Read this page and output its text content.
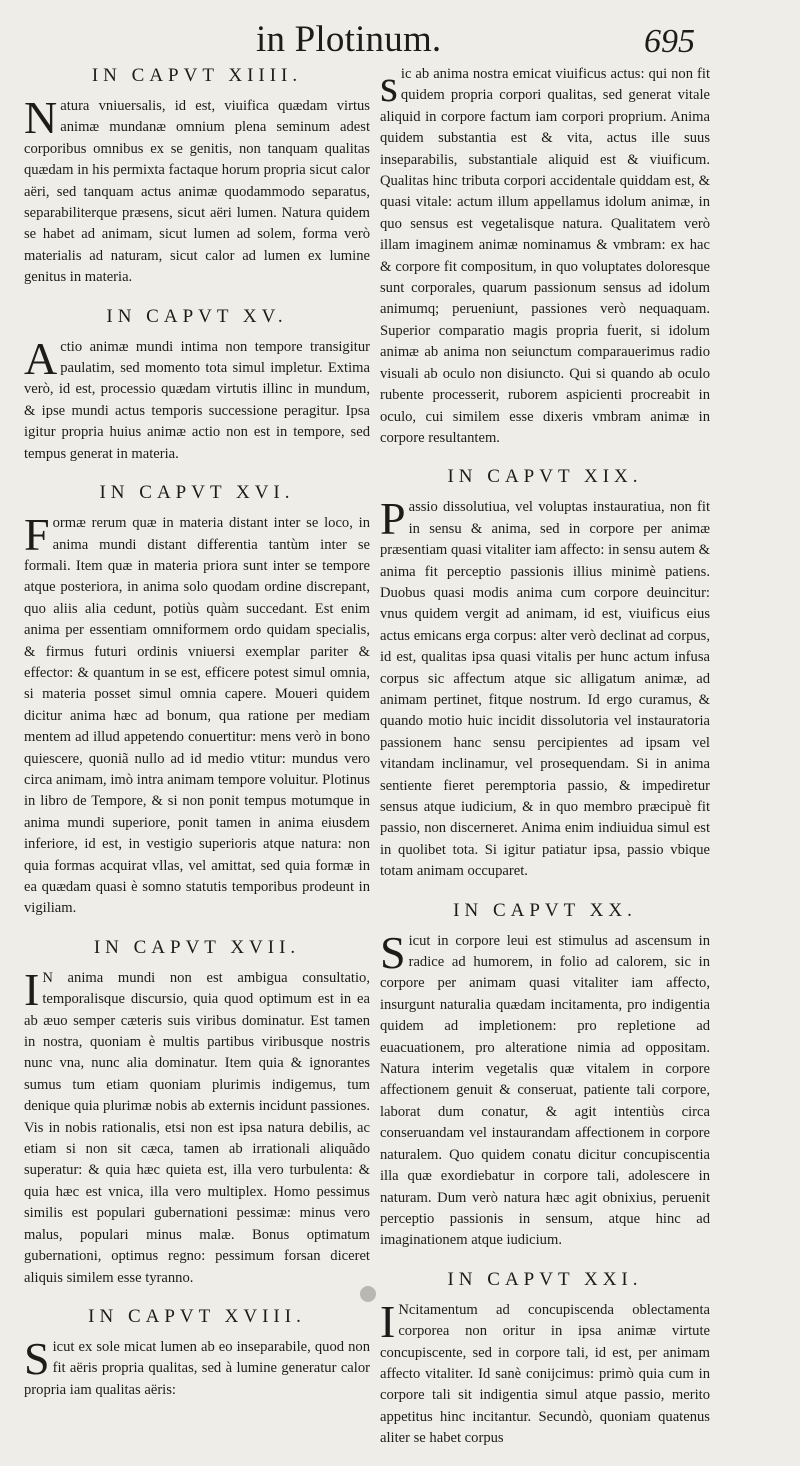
in Plotinum.	695
IN CAPVT XIIII.

Natura vniuersalis, id est, viuifica quædam virtus animæ mundanæ omnium plena seminum adest corporibus omnibus ex se genitis, non tanquam qualitas quædam in his permixta factaque horum propria sicut calor aëri, sed tanquam actus animæ quodammodo separatus, separabiliterque præsens, sicut aëri lumen. Natura quidem se habet ad animam, sicut lumen ad solem, forma verò materialis ad naturam, sicut calor ad lumen ex lumine genitus in materia.

IN CAPVT XV.

Actio animæ mundi intima non tempore transigitur paulatim, sed momento tota simul impletur. Extima verò, id est, processio quædam virtutis illinc in mundum, & ipse mundi actus temporis successione peragitur. Ipsa igitur propria huius animæ actio non est in tempore, sed tempus generat in materia.

IN CAPVT XVI.

Formæ rerum quæ in materia distant inter se loco, in anima mundi distant differentia tantùm inter se formali. Item quæ in materia priora sunt inter se tempore atque posteriora, in anima solo quodam ordine discrepant, quo aliis alia cedunt, potiùs quàm succedant. Est enim anima per essentiam omniformem ordo quidam specialis, & firmus futuri ordinis vniuersi exemplar pariter & effector: & quantum in se est, efficere potest simul omnia, si materia posset simul omnia capere. Moueri quidem dicitur anima hæc ad bonum, qua ratione per mediam mentem ad illud appetendo conuertitur: mens verò in bono quiescere, quoniã nullo ad id medio vtitur: mundus vero circa animam, imò intra animam tempore voluitur. Plotinus in libro de Tempore, & si non ponit tempus motumque in anima mundi superiore, ponit tamen in anima eiusdem inferiore, id est, in vestigio superioris atque natura: non quia formas acquirat vllas, vel amittat, sed quia formæ in ea quædam quasi è somno statutis temporibus prodeunt in vigiliam.

IN CAPVT XVII.

IN anima mundi non est ambigua consultatio, temporalisque discursio, quia quod optimum est in ea ab æuo semper cæteris suis viribus dominatur. Est tamen in nostra, quoniam è multis partibus viribusque nostris nunc vna, nunc alia dominatur. Item quia & ignorantes sumus tum etiam quoniam plurimis indigemus, tum denique quia plurimæ nobis ab externis incidunt passiones. Vis in nobis rationalis, etsi non est ipsa natura debilis, ac etiam si non sit cæca, tamen ab irrationali aliquãdo superatur: & quia hæc quieta est, illa vero turbulenta: & quia hæc est vnica, illa vero multiplex. Homo pessimus similis est populari gubernationi pessimæ: minus vero malus, populari minus malæ. Bonus optimatum gubernationi, optimus regno: pessimum forsan diceret aliquis similem esse tyranno.

IN CAPVT XVIII.

Sicut ex sole micat lumen ab eo inseparabile, quod non fit aëris propria qualitas, sed à lumine generatur calor propria iam qualitas aëris:

sic ab anima nostra emicat viuificus actus: qui non fit quidem propria corpori qualitas, sed generat vitale aliquid in corpore factum iam corpori proprium. Anima quidem substantia est & vita, actus ille suus inseparabilis, substantiale aliquid est & viuificum. Qualitas hinc tributa corpori accidentale quiddam est, & quasi vitale: actum illum appellamus idolum animæ, in quo sensus est vegetalisque natura. Qualitatem verò illam imaginem animæ nominamus & vmbram: ex hac & corpore fit compositum, in quo voluptates doloresque sunt corporales, quarum passionum sensus ad idolum animumq; perueniunt, passiones verò nequaquam. Superior comparatio magis propria fuerit, si idolum animæ ab anima non seiunctum comparauerimus radio visuali ab oculo non disiuncto. Qui si quando ab oculo rubente processerit, ruborem aspicienti procreabit in oculo, cui similem esse dixeris vmbram animæ in corpore resultantem.

IN CAPVT XIX.

Passio dissolutiua, vel voluptas instauratiua, non fit in sensu & anima, sed in corpore per animæ præsentiam quasi vitaliter iam affecto: in sensu autem & anima fit perceptio passionis illius minimè patiens. Duobus quasi modis anima cum corpore deuincitur: vnus quidem vergit ad animam, id est, viuificus eius actus emicans erga corpus: alter verò declinat ad corpus, id est, qualitas ipsa quasi vitalis per hunc actum infusa corpus sic affectum atque sic alligatum animæ, ad animam pertinet, fitque nostrum. Id ergo curamus, & quando motio huic incidit dissolutoria vel instauratoria passionem hanc sensu percipientes ad ipsam vel vitandam inclinamur, vel prosequendam. Si in anima sentiente fieret peremptoria passio, & impediretur sensus atque iudicium, & in quo membro præcipuè fit passio, non discerneret. Anima enim indiuidua simul est in quolibet tota. Si igitur patiatur ipsa, passio vbique totam animam occuparet.

IN CAPVT XX.

Sicut in corpore leui est stimulus ad ascensum in radice ad humorem, in folio ad calorem, sic in corpore per animam quasi vitaliter iam affecto, insurgunt naturalia quædam incitamenta, pro indigentia quidem ad impletionem: pro repletione ad euacuationem, pro alteratione nimia ad oppositam. Natura interim vegetalis quæ vitalem in corpore affectionem genuit & conseruat, patiente tali corpore, laborat dum conatur, & agit intentiùs circa conseruandam vel instaurandam affectionem in corpore naturalem. Quo quidem conatu dicitur concupiscentia illa quæ exordiebatur in corpore tali, adolescere in naturam. Dum verò natura hæc agit obnixius, peruenit perceptio passionis in sensum, atque hinc ad imaginationem atque iudicium.

IN CAPVT XXI.

INcitamentum ad concupiscenda oblectamenta corporea non oritur in ipsa animæ virtute concupiscente, sed in corpore tali, id est, per animam affecto vitaliter. Id sanè conijcimus: primò quia cum in corpore tali sit indigentia simul atque passio, merito appetitus hinc incitantur. Secundò, quoniam quatenus aliter se habet corpus
